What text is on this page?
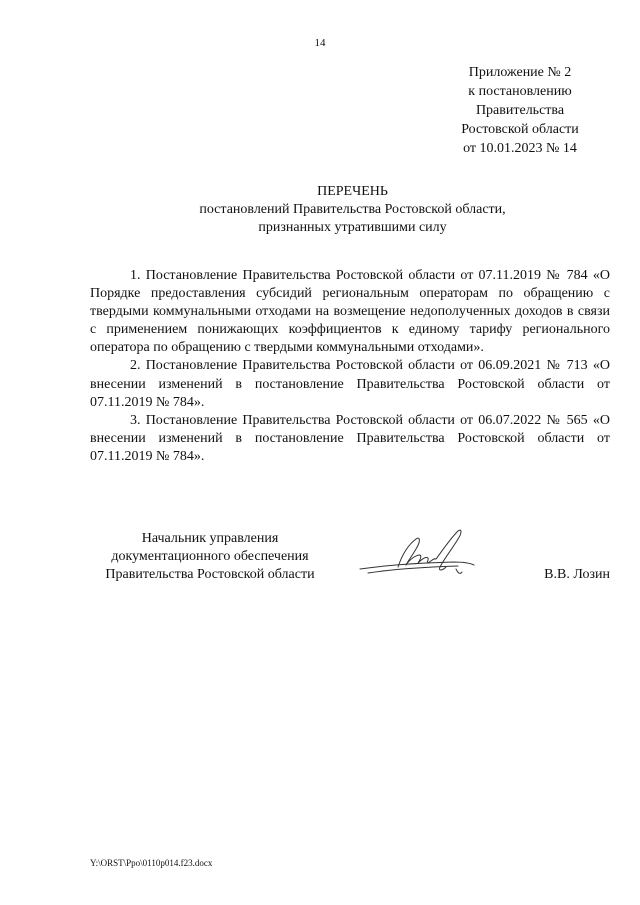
14
Приложение № 2
к постановлению
Правительства
Ростовской области
от 10.01.2023 № 14
ПЕРЕЧЕНЬ
постановлений Правительства Ростовской области,
признанных утратившими силу

1. Постановление Правительства Ростовской области от 07.11.2019 № 784 «О Порядке предоставления субсидий региональным операторам по обращению с твердыми коммунальными отходами на возмещение недополученных доходов в связи с применением понижающих коэффициентов к единому тарифу регионального оператора по обращению с твердыми коммунальными отходами».

2. Постановление Правительства Ростовской области от 06.09.2021 № 713 «О внесении изменений в постановление Правительства Ростовской области от 07.11.2019 № 784».

3. Постановление Правительства Ростовской области от 06.07.2022 № 565 «О внесении изменений в постановление Правительства Ростовской области от 07.11.2019 № 784».

Начальник управления
документационного обеспечения
Правительства Ростовской области	В.В. Лозин
Y:\ORST\Ppo\0110p014.f23.docx
